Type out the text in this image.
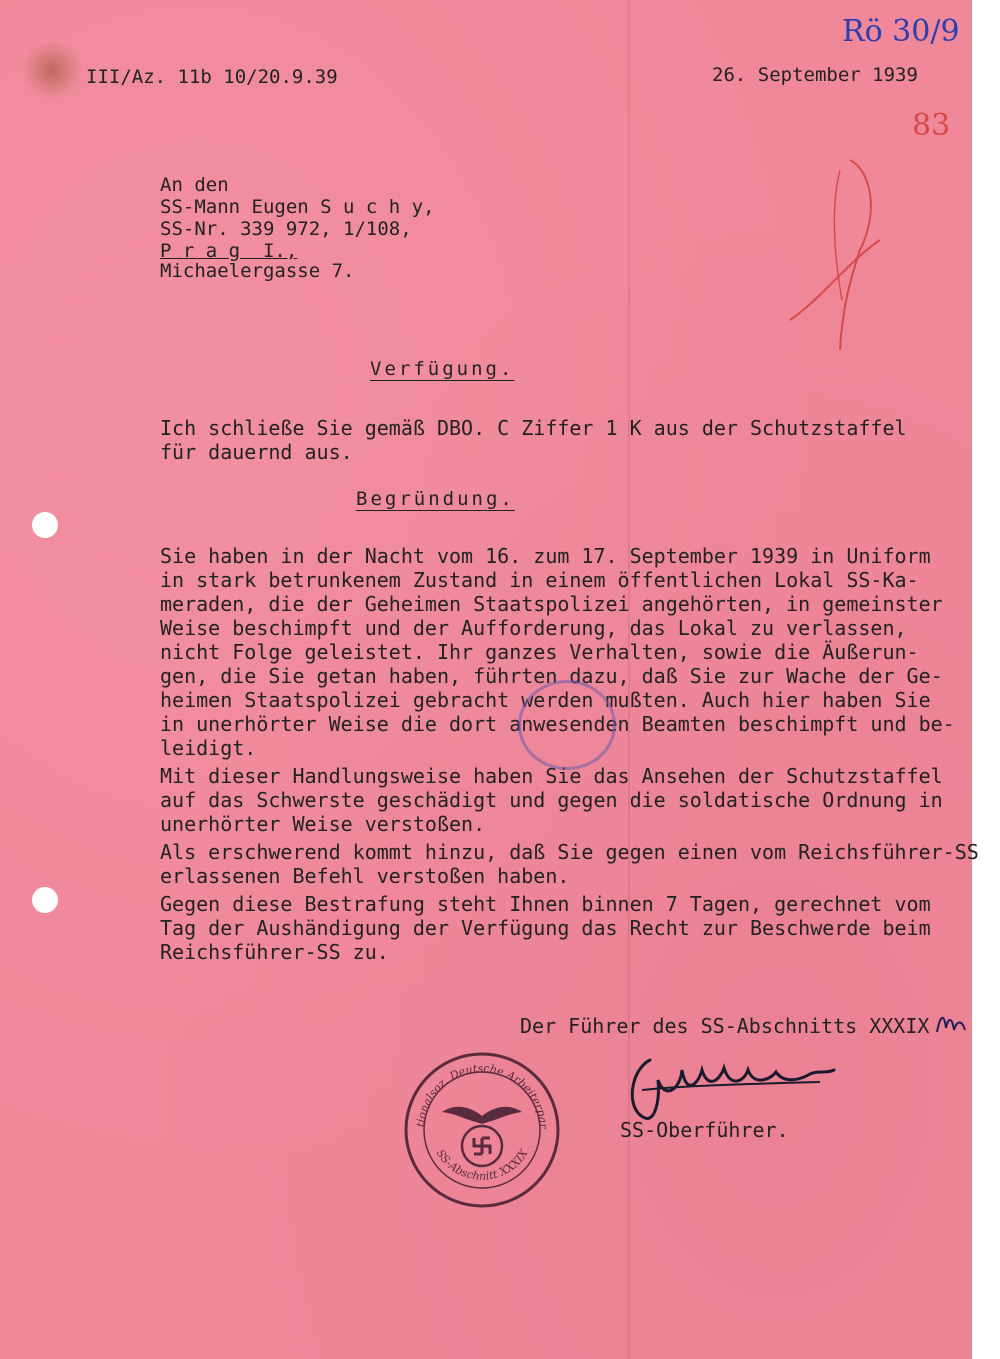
III/Az. 11b 10/20.9.39	26. September 1939

Rö 30/9
83

An den

SS-Mann Eugen S u c h y,

SS-Nr. 339 972, 1/108,

P r a g  I.,

Michaelergasse 7.

Verfügung.

Ich schließe Sie gemäß DBO. C Ziffer 1 K aus der Schutzstaffel

für dauernd aus.

Begründung.

Sie haben in der Nacht vom 16. zum 17. September 1939 in Uniform

in stark betrunkenem Zustand in einem öffentlichen Lokal SS-Ka-

meraden, die der Geheimen Staatspolizei angehörten, in gemeinster

Weise beschimpft und der Aufforderung, das Lokal zu verlassen,

nicht Folge geleistet. Ihr ganzes Verhalten, sowie die Äußerun-

gen, die Sie getan haben, führten dazu, daß Sie zur Wache der Ge-

heimen Staatspolizei gebracht werden mußten. Auch hier haben Sie

in unerhörter Weise die dort anwesenden Beamten beschimpft und be-

leidigt.

Mit dieser Handlungsweise haben Sie das Ansehen der Schutzstaffel

auf das Schwerste geschädigt und gegen die soldatische Ordnung in

unerhörter Weise verstoßen.

Als erschwerend kommt hinzu, daß Sie gegen einen vom Reichsführer-SS

erlassenen Befehl verstoßen haben.

Gegen diese Bestrafung steht Ihnen binnen 7 Tagen, gerechnet vom

Tag der Aushändigung der Verfügung das Recht zur Beschwerde beim

Reichsführer-SS zu.

Der Führer des SS-Abschnitts XXXIX

SS-Oberführer.

tionalsoz. Deutsche Arbeiterpar
SS-Abschnitt XXXIX
